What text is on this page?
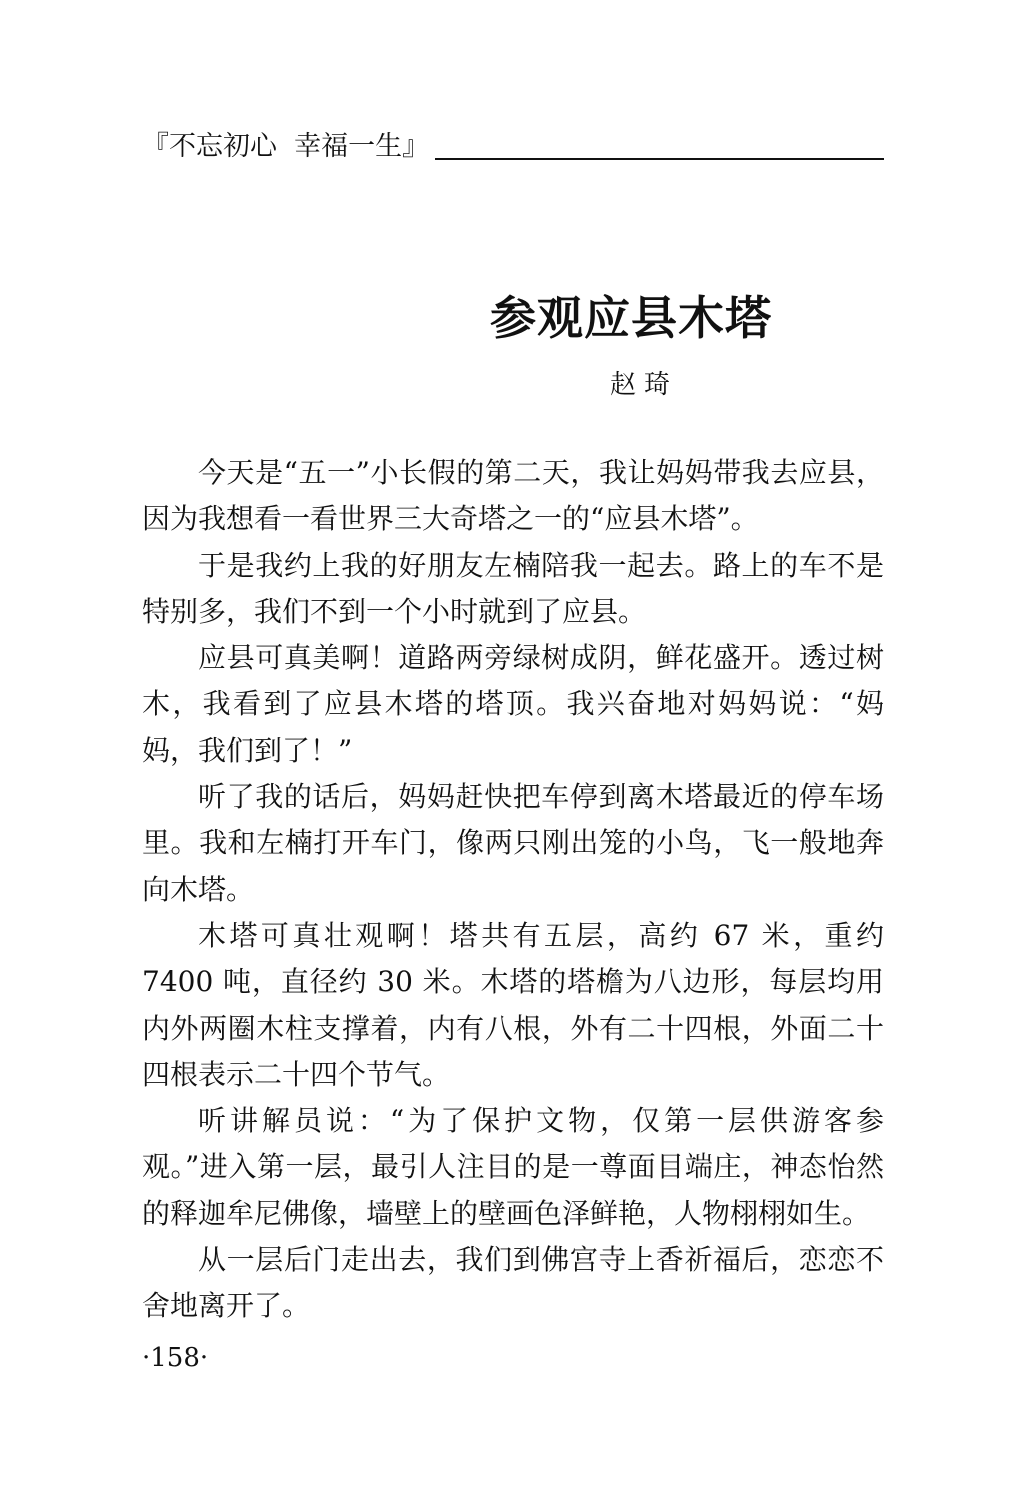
『不忘初心  幸福一生』
参观应县木塔
赵琦

今天是“五一”小长假的第二天，我让妈妈带我去应县，因为我想看一看世界三大奇塔之一的“应县木塔”。

于是我约上我的好朋友左楠陪我一起去。路上的车不是特别多，我们不到一个小时就到了应县。

应县可真美啊！道路两旁绿树成阴，鲜花盛开。透过树木，我看到了应县木塔的塔顶。我兴奋地对妈妈说：“妈妈，我们到了！”

听了我的话后，妈妈赶快把车停到离木塔最近的停车场里。我和左楠打开车门，像两只刚出笼的小鸟，飞一般地奔向木塔。

木塔可真壮观啊！塔共有五层，高约 67 米，重约 7400 吨，直径约 30 米。木塔的塔檐为八边形，每层均用内外两圈木柱支撑着，内有八根，外有二十四根，外面二十四根表示二十四个节气。

听讲解员说：“为了保护文物，仅第一层供游客参观。”进入第一层，最引人注目的是一尊面目端庄，神态怡然的释迦牟尼佛像，墙壁上的壁画色泽鲜艳，人物栩栩如生。

从一层后门走出去，我们到佛宫寺上香祈福后，恋恋不舍地离开了。

·158·
